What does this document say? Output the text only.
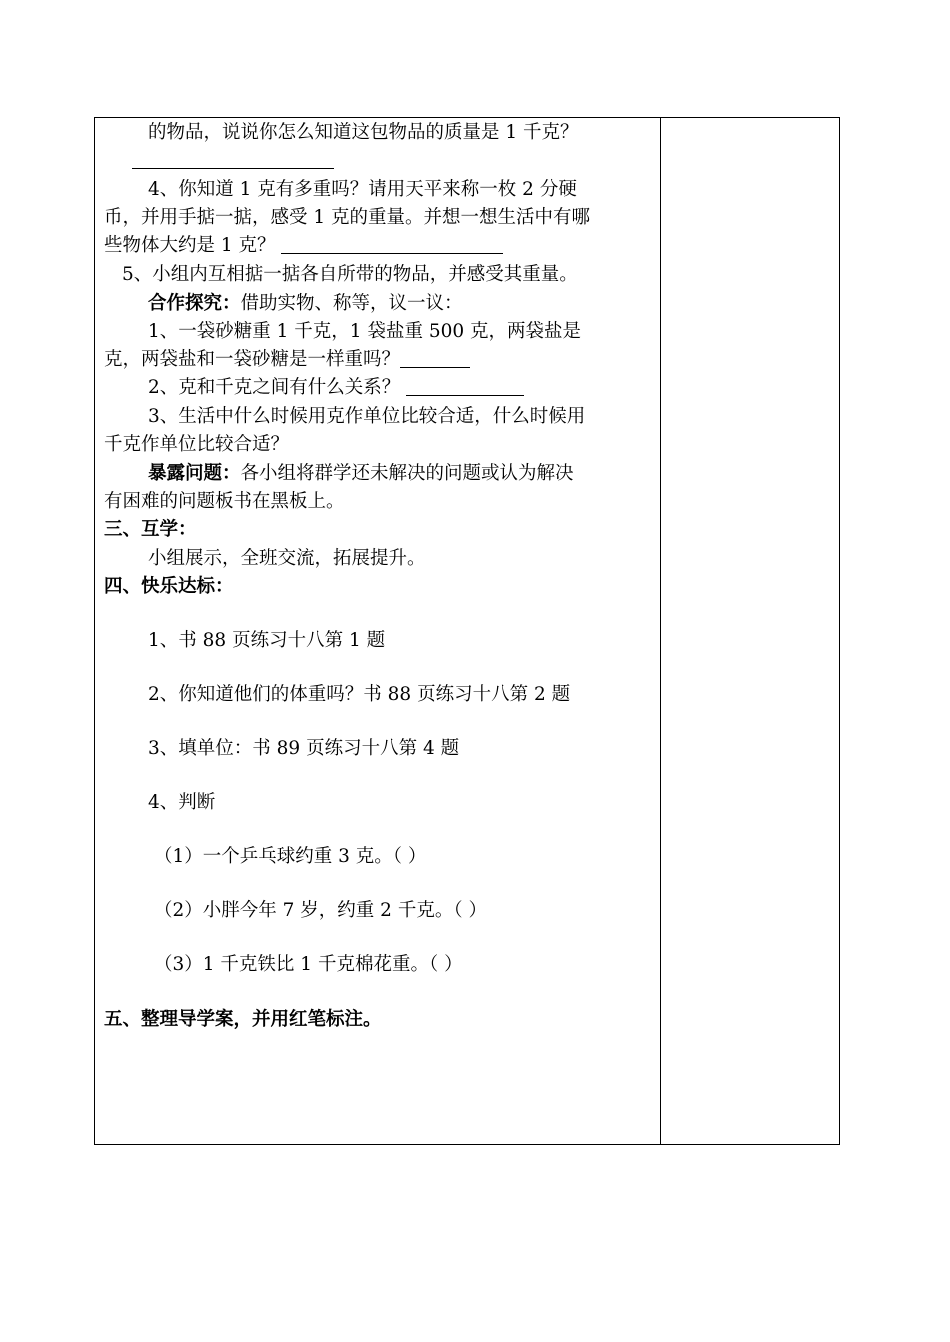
的物品，说说你怎么知道这包物品的质量是 1 千克？
4、你知道 1 克有多重吗？请用天平来称一枚 2 分硬
币，并用手掂一掂，感受 1 克的重量。并想一想生活中有哪
些物体大约是 1 克？
5、小组内互相掂一掂各自所带的物品，并感受其重量。
合作探究：借助实物、称等，议一议：
1、一袋砂糖重 1 千克，1 袋盐重 500 克，两袋盐是
克，两袋盐和一袋砂糖是一样重吗？
2、克和千克之间有什么关系？
3、生活中什么时候用克作单位比较合适，什么时候用
千克作单位比较合适？
暴露问题：各小组将群学还未解决的问题或认为解决
有困难的问题板书在黑板上。
三、互学：
小组展示，全班交流，拓展提升。
四、快乐达标：
1、书 88 页练习十八第 1 题
2、你知道他们的体重吗？书 88 页练习十八第 2 题
3、填单位：书 89 页练习十八第 4 题
4、判断
（1）一个乒乓球约重 3 克。（ ）
（2）小胖今年 7 岁，约重 2 千克。（ ）
（3）1 千克铁比 1 千克棉花重。（ ）
五、整理导学案，并用红笔标注。
